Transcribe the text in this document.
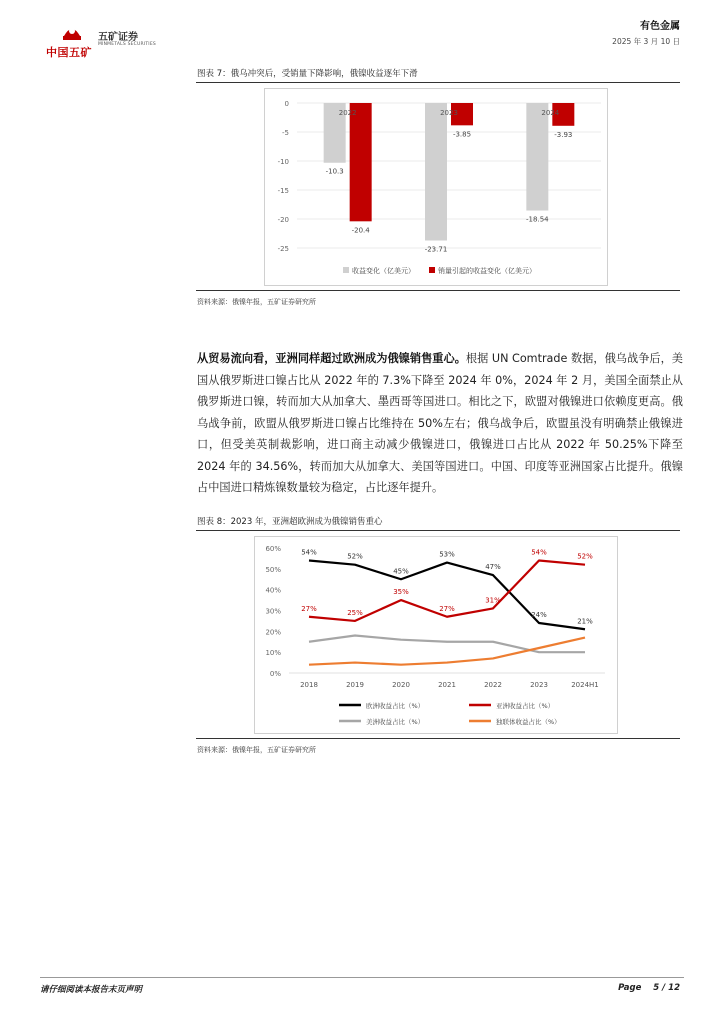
中国五矿
五矿证券
MINMETALS SECURITIES
有色金属
2025 年 3 月 10 日
图表 7：俄乌冲突后，受销量下降影响，俄镍收益逐年下滑
0
-5
-10
-15
-20
-25
-10.3
-20.4
2022
-23.71
-3.85
2023
-18.54
-3.93
2024
收益变化（亿美元）	销量引起的收益变化（亿美元）
资料来源：俄镍年报，五矿证券研究所
从贸易流向看，亚洲同样超过欧洲成为俄镍销售重心。根据 UN Comtrade 数据，俄乌战争后，美国从俄罗斯进口镍占比从 2022 年的 7.3%下降至 2024 年 0%，2024 年 2 月，美国全面禁止从俄罗斯进口镍，转而加大从加拿大、墨西哥等国进口。相比之下，欧盟对俄镍进口依赖度更高。俄乌战争前，欧盟从俄罗斯进口镍占比维持在 50%左右；俄乌战争后，欧盟虽没有明确禁止俄镍进口，但受美英制裁影响，进口商主动减少俄镍进口，俄镍进口占比从 2022 年 50.25%下降至 2024 年的 34.56%，转而加大从加拿大、美国等国进口。中国、印度等亚洲国家占比提升。俄镍占中国进口精炼镍数量较为稳定，占比逐年提升。
图表 8：2023 年，亚洲超欧洲成为俄镍销售重心
60%
50%
40%
30%
20%
10%
0%
2018	2019	2020	2021	2022	2023	2024H1
54%
52%
45%
53%
47%
24%
21%
27%
25%
35%
27%
31%
54%
52%
欧洲收益占比（%）	亚洲收益占比（%）
美洲收益占比（%）	独联体收益占比（%）
资料来源：俄镍年报，五矿证券研究所
请仔细阅读本报告末页声明	Page    5 / 12
